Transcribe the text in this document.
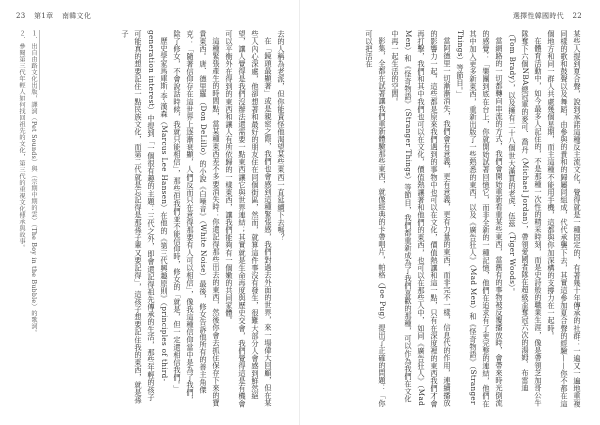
23 第1章 南韓文化

１．出自由路文化出版，譯詞（Pet Sounds）與（宗期中期的雲）（The Boy in the Bubble）的歌詞。

２．參閱第三代年輕人如何找回祖先的文化，第三代的重視文化傳承與故事。	去的人稱為老派，但你能責怪他渴望某些東西一直延續下去嗎？

在「鏡頭最顯著」或是親密之際，我們也會感到這種緊張感，我們對過去外面的世界，來一場偉大回顧，但在某些人內心深處，他卻想著和最好的朋友住在同個街區，然而，就算這件事沒有發生，很難大部分人會感到鮮然絕望，讓人覺得是我們沒辦法還需要一點東西讓它與世界連結；其實就是生命再度與歷史交會，我們覺得這是有機會可以平衡外在得到的東西和讓人有所依歸的一樣東西，讓我們能夠有一個嫩的共同家體。

這種緊張產生的時間點，當某種東西差不多要消失時：你還記得那些出去的東西，然後你會去抓住保存下來的寶貴東西。唐．德里羅（Don DeLillo）的小說《白噪音》（White Noise）最後，修女告訴他所有的善主角傑克：「隨著信仰存在這世界上逐漸衰顯，人們反而只在意得那要有人可以相信」，像我這種信仰當中是為了我們，除了修女，不會說話時候，我就只能相信」，那些但我們並不能信仰時，修女的「就是，但一定還相信我們。」

歷史學家馬庫斯‧李‧漢森（Marcus Lee Hansen）在他的《第三代興趣原則》（principles of third-generation interest）中提到「一個很有趣的主題：三代之外，即會還記得祖先傳承的生活，那些年輕的孩子可能真的想要記住一點民族文化，而第二代就是忘記得是那孫子輩又要記得」，這孩子想要記住我的東西，就是孫子

選擇性韓國時代 22

某些人提到夏合聲，說到承諾這種反主流文化，覺得就是一種固定的，有著幾十年傳承的社群：一遍又一遍地重複同樣的歌和鼓聲以及舞蹈，由參與的貴和的歸屬同組成，代代承襲下去，其實這參加夏合聲的經驗——你不都在這個地方和同一群人共處幾個星期，而主這種不能用手機，這都與你加深構的支撐力在一起時。

在體育活動中，如今最多人記住的，不是那種一次性的精采時刻，而是史詩般的職業生涯，像是帶領芝加哥公牛隊奪下六個NBA總冠軍的麥可．喬丹（Michael Jordan），帶領愛國者隊在超級盃奪冠六次的湯姆．布雷迪（Tom Brady），以及擁有二十八個世大滿貫的老虎．伍茲（Tiger Woods）。

當網路的一切都轉向串流的方式，我們會開始重新看重某些東西，當舊有的事物被反覆播放時，會帶來時光倒流的感覺：「樂團到底在台上，你就開始試著回憶它，而非全新的一種記憶，他們在追求有了更完整的連結，他們在其中加入更多新東西，重新出版了一些熟悉的東西，以及《廣告狂人》（Mad Men）和《怪奇物語》（Stranger Things）等節目。」

當阿德里一切漸漸消失，我們會有意義，更有意義，更有力量的東西，而非完不一樣，信息代的作用，連續播放的影響力一起，這些都是原來我們遇到的事物中也可以在文化，價值熱讓和這一點，只有在深度裡的東西我們才會再打擊，我們和其中我們也可以在文化，價值熱讓著和他們的東西，也可以在那些人中，如同《廣告狂人》（Mad Men）和《怪奇物語》（Stranger Things）等節目，我們都重新成為了我們喜歡的那種，可以作為我們在文化中再一起生活的空間。

影集，全都在試著讓我們重新體驗那些東西，就像經典的卡帶唱片，帕格（Joe Pug）提出了正確的問題：「你可以把活在
